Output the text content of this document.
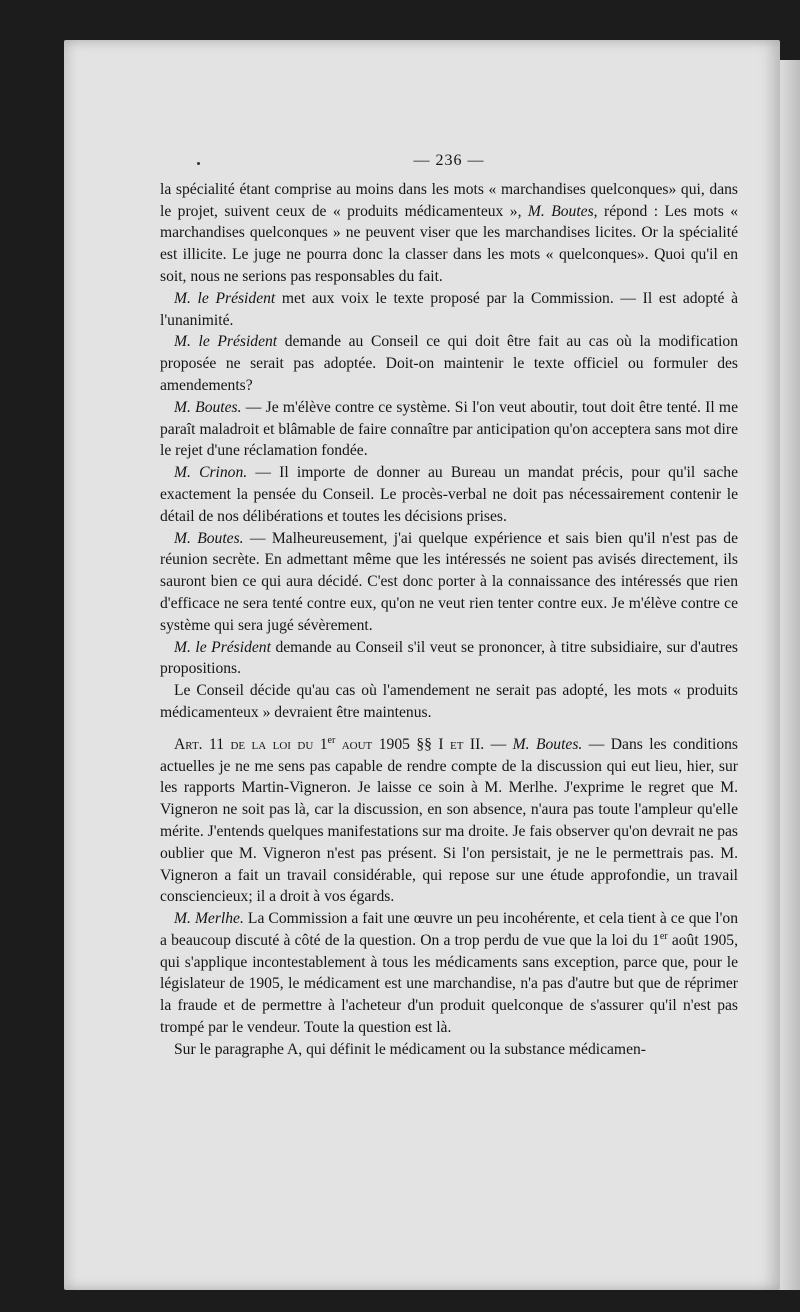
— 236 —

la spécialité étant comprise au moins dans les mots « marchandises quelconques» qui, dans le projet, suivent ceux de « produits médicamenteux », M. Boutes, répond : Les mots « marchandises quelconques » ne peuvent viser que les marchandises licites. Or la spécialité est illicite. Le juge ne pourra donc la classer dans les mots « quelconques». Quoi qu'il en soit, nous ne serions pas responsables du fait.

M. le Président met aux voix le texte proposé par la Commission. — Il est adopté à l'unanimité.

M. le Président demande au Conseil ce qui doit être fait au cas où la modification proposée ne serait pas adoptée. Doit-on maintenir le texte officiel ou formuler des amendements?

M. Boutes. — Je m'élève contre ce système. Si l'on veut aboutir, tout doit être tenté. Il me paraît maladroit et blâmable de faire connaître par anticipation qu'on acceptera sans mot dire le rejet d'une réclamation fondée.

M. Crinon. — Il importe de donner au Bureau un mandat précis, pour qu'il sache exactement la pensée du Conseil. Le procès-verbal ne doit pas nécessairement contenir le détail de nos délibérations et toutes les décisions prises.

M. Boutes. — Malheureusement, j'ai quelque expérience et sais bien qu'il n'est pas de réunion secrète. En admettant même que les intéressés ne soient pas avisés directement, ils sauront bien ce qui aura décidé. C'est donc porter à la connaissance des intéressés que rien d'efficace ne sera tenté contre eux, qu'on ne veut rien tenter contre eux. Je m'élève contre ce système qui sera jugé sévèrement.

M. le Président demande au Conseil s'il veut se prononcer, à titre subsidiaire, sur d'autres propositions.

Le Conseil décide qu'au cas où l'amendement ne serait pas adopté, les mots « produits médicamenteux » devraient être maintenus.

Art. 11 de la loi du 1er aout 1905 §§ I et II. — M. Boutes. — Dans les conditions actuelles je ne me sens pas capable de rendre compte de la discussion qui eut lieu, hier, sur les rapports Martin-Vigneron. Je laisse ce soin à M. Merlhe. J'exprime le regret que M. Vigneron ne soit pas là, car la discussion, en son absence, n'aura pas toute l'ampleur qu'elle mérite. J'entends quelques manifestations sur ma droite. Je fais observer qu'on devrait ne pas oublier que M. Vigneron n'est pas présent. Si l'on persistait, je ne le permettrais pas. M. Vigneron a fait un travail considérable, qui repose sur une étude approfondie, un travail consciencieux; il a droit à vos égards.

M. Merlhe. La Commission a fait une œuvre un peu incohérente, et cela tient à ce que l'on a beaucoup discuté à côté de la question. On a trop perdu de vue que la loi du 1er août 1905, qui s'applique incontestablement à tous les médicaments sans exception, parce que, pour le législateur de 1905, le médicament est une marchandise, n'a pas d'autre but que de réprimer la fraude et de permettre à l'acheteur d'un produit quelconque de s'assurer qu'il n'est pas trompé par le vendeur. Toute la question est là.

Sur le paragraphe A, qui définit le médicament ou la substance médicamen-
